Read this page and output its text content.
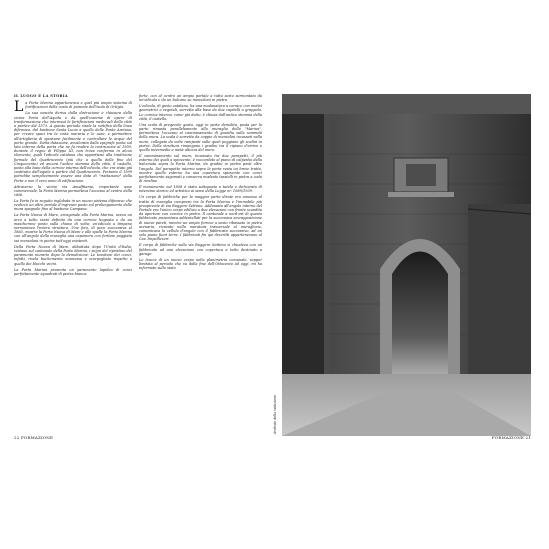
IL LUOGO E LA STORIA

La Porta Marina appartenenza e quel più ampio sistema di fortificazioni della costa di ponente dell'isola di Ortigia.

La sua nascita deriva dalla distruzione e chiusura della vicina Porta dell'Aquila e da quell'insieme di opere di trasformazione che interessò le fortificazioni medievali della città a partire dal 1573. A questo periodo risale la rettifica della linea difensiva, dal bastione Santa Lucia a quello delle Fonte Aretusa, per creare spazi tra la cinta muraria e le case, e permettere all'artiglieria di spostarsi facilmente e controllare le acque del porto grande. Detta datazione, avvalorata dalla epigrafe posta sul lato interno della porta che ne fa risalire la costruzione al 1599, durante il regno di Filippo III, non trova conferma in alcun elemento, quali l'edicola catalana che appartiene alla tradizione formale del Quattrocento (più che a quella della fine del Cinquecento) ed ancora l'antico stemma della città, il castello, posto alla base della cornice interna dell'edicola, che era stato già costituito dall'aquila a partire dal Quattrocento. Pertanto il 1599 potrebbe semplicemente essere una data di "riattazione" della Porta e non il vero anno di edificazione.

Attraverso la vicina via Amalfitania, importante asse commerciale, la Porta Marina permetteva l'accesso al centro della città.

La Porta fu in seguito inglobata in un nuovo sistema difensivo che realizzò un altro portale d'ingresso posto sul prolungamento delle mura spagnole fino al bastione Campana.

La Porta Nuova di Mare, arcagonale alla Porta Marina, aveva un arco a tutto sesto definito da una cornice bugnata e da un mascherone posto sulla chiave di volta; un'edicola a timpano sormontava l'intera struttura. Una foto, di poco successiva al 1865, mostra la Porta Nuova di Mare e alle spalle la Porta Marina con all'angolo della muraglia una caponiera con feritoie poggiata sui mensoloni in pietra tutt'oggi esistenti.

Della Porta Nuova di Mare, abbattuta dopo l'Unità d'Italia, restano sul cantonale della Porta Marina, i segni del ripristino del paramento murario dopo la demolizione. Le tessiture dei conci, infatti, rivela buchemente scomessa e scorpogliato rispetto a quello dei blocchi vicini.

La Porta Marina presenta un paramento lapideo di conci perfettamente squadrati di pietra bianca

forte, con al centro un ampio portale a tutto sesto sormontato da un'edicola e da un balcone su mensoloni in pietra.

L'edicola, di gusto catalano, ha una modanatura a cornice con motivi geometrici e vegetali, sorretta alla base da due capitelli a grappolo. Le cornice interna, come già detto, è chiusa dall'antico stemma della città, il castello.

Una scala di pregevole gusto, oggi in parte demolita, posta per la parte rimasta parallelamente alla muraglia della "Marina", permetteva l'accesso al camminamento di guardia sulla sommità della mura. La scala è sorretta da coppie di mensolini incassati nella muro, collegate da volte rampanti sulle quali poggiano gli scalini in pietra. Della struttura rimangono i gradini tra il ripiano d'arrivo e quello intermedio a metà altezza del muro.

Il camminamento sul muro, incassato tra due parapetti, il più esterno dei quali a spiovente, è raccordato al piano di calpestio della balconata sopra la Porta Marina, da gradini in pietra posti oltre l'angolo. Del parapetto interno sopra la porta resta un breve tratto, mentre quello esterno ha una copertura spiovente con conci perfettamente sagomati e conserva modeste tassielli in pietra a coda di rondine.

Il monumento nel 1858 è stato sottoposto a tutela e dichiarato di interesse storico ed artistico ai sensi della Legge nr. 1089/1939.

Un corpo di fabbriche per la maggior parte dirute era annesso al tratto di muraglia compreso tra la Porta Marina e l'immobile più prospicente di via Ruggero Settimo. Addossata all'angolo interno del Portale era l'unico corpo edilizio a due elevazioni con fronte scandita da aperture con cornice in pietra. Il cantonale a nord-est di questo fabbricato presentava addentellati per la successiva sovrapposizione di nuove pareti, mentre un ampio fornice a sesto ribassato in pietra arenaria, ricavato nella muratura trasversale al muraglione, comunicava la cellula d'angolo con il fabbricato successivo, ad un solo piano fuori terra. I fabbricati fin qui descritti appartenevano al Cav. Impellizzeri.

Il corpo di fabbriche sulla via Ruggero Settimo si chiudeva con un fabbricato ad una elevazione con copertura a tetto destinato a garage.

Le tracce di un nuovo corpo nella planimetria comunale, seppur limitata al periodo che va dalla fine dell'Ottocento ad oggi, mi ha informato sullo stato

Archivio della redazione
22 FORMAZIONE	FORMAZIONE 21
